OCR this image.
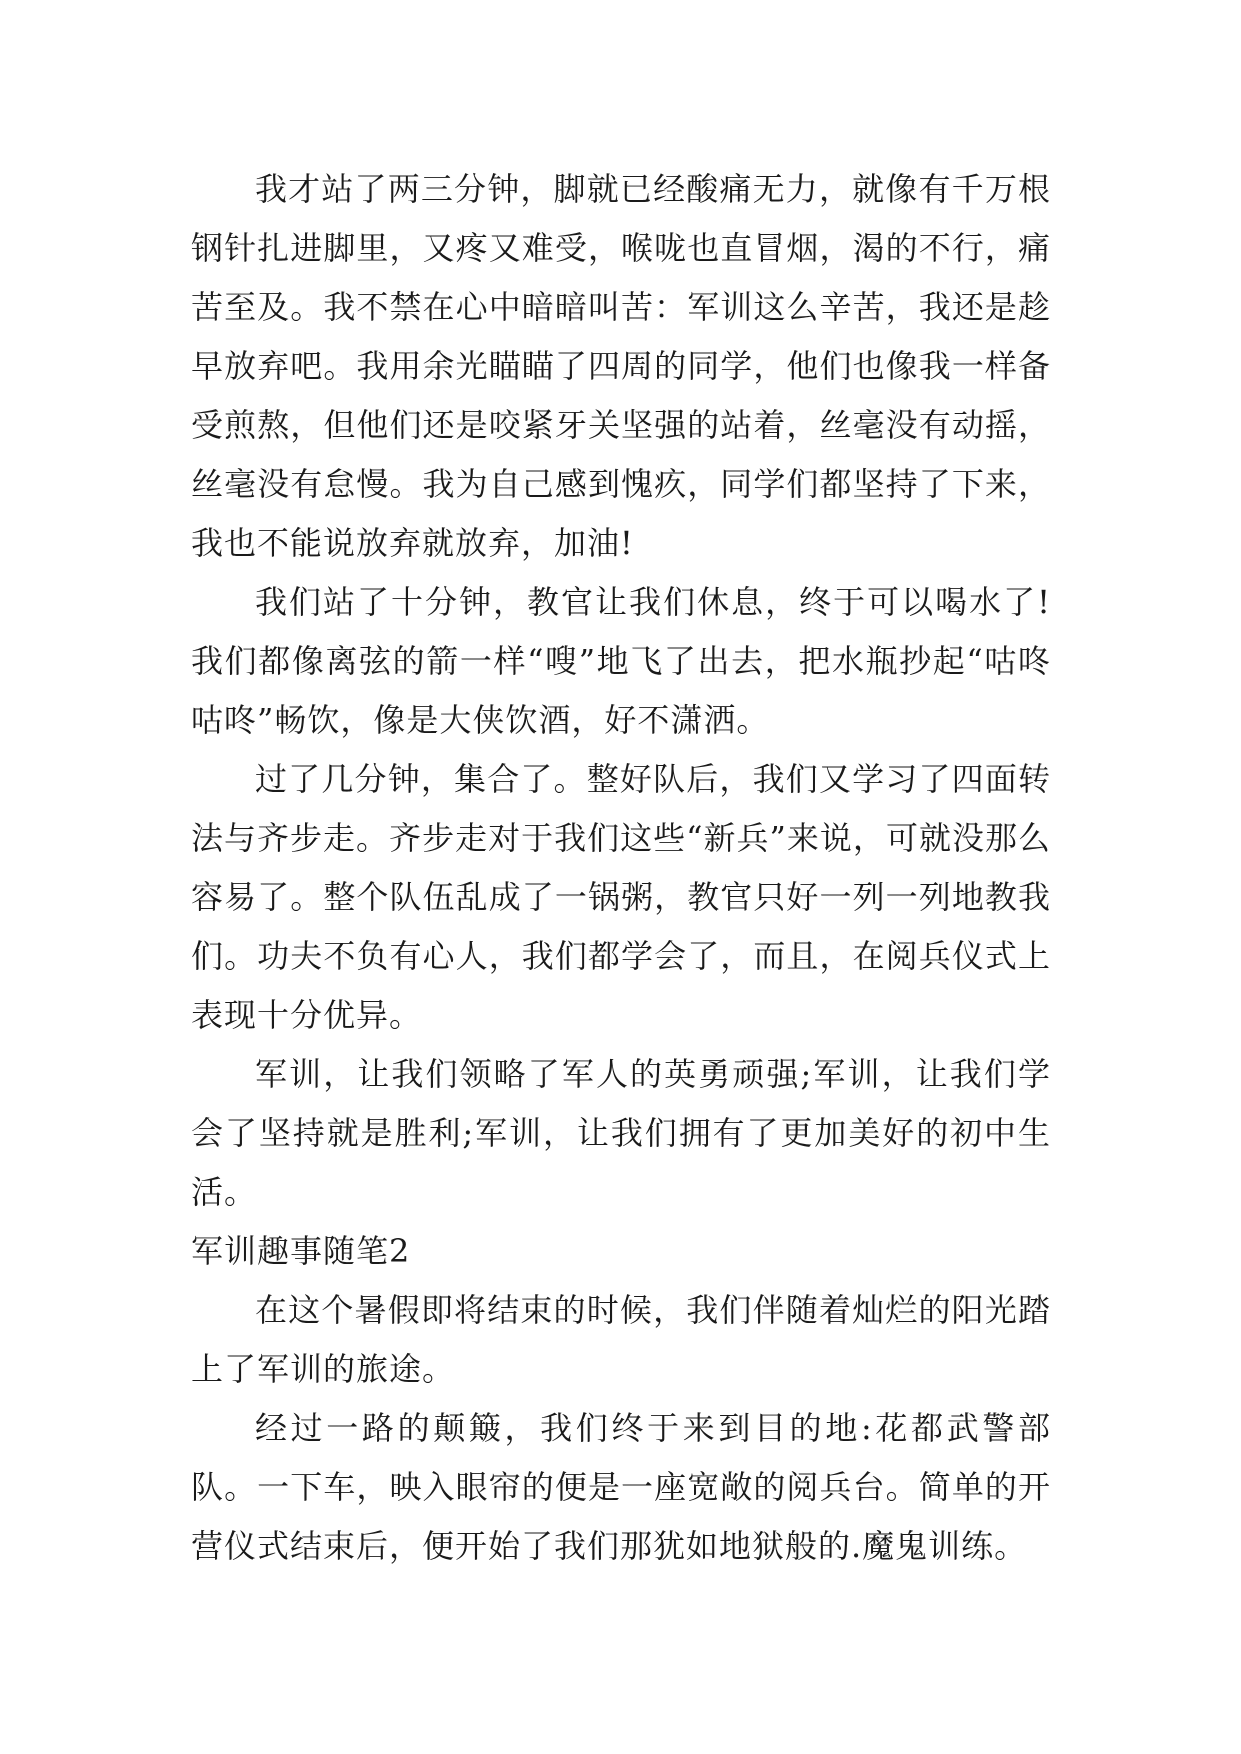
我才站了两三分钟，脚就已经酸痛无力，就像有千万根钢针扎进脚里，又疼又难受，喉咙也直冒烟，渴的不行，痛苦至及。我不禁在心中暗暗叫苦：军训这么辛苦，我还是趁早放弃吧。我用余光瞄瞄了四周的同学，他们也像我一样备受煎熬，但他们还是咬紧牙关坚强的站着，丝毫没有动摇，丝毫没有怠慢。我为自己感到愧疚，同学们都坚持了下来，我也不能说放弃就放弃，加油!

我们站了十分钟，教官让我们休息，终于可以喝水了!我们都像离弦的箭一样“嗖”地飞了出去，把水瓶抄起“咕咚咕咚”畅饮，像是大侠饮酒，好不潇洒。

过了几分钟，集合了。整好队后，我们又学习了四面转法与齐步走。齐步走对于我们这些“新兵”来说，可就没那么容易了。整个队伍乱成了一锅粥，教官只好一列一列地教我们。功夫不负有心人，我们都学会了，而且，在阅兵仪式上表现十分优异。

军训，让我们领略了军人的英勇顽强;军训，让我们学会了坚持就是胜利;军训，让我们拥有了更加美好的初中生活。

军训趣事随笔2

在这个暑假即将结束的时候，我们伴随着灿烂的阳光踏上了军训的旅途。

经过一路的颠簸，我们终于来到目的地:花都武警部队。一下车，映入眼帘的便是一座宽敞的阅兵台。简单的开营仪式结束后，便开始了我们那犹如地狱般的.魔鬼训练。
